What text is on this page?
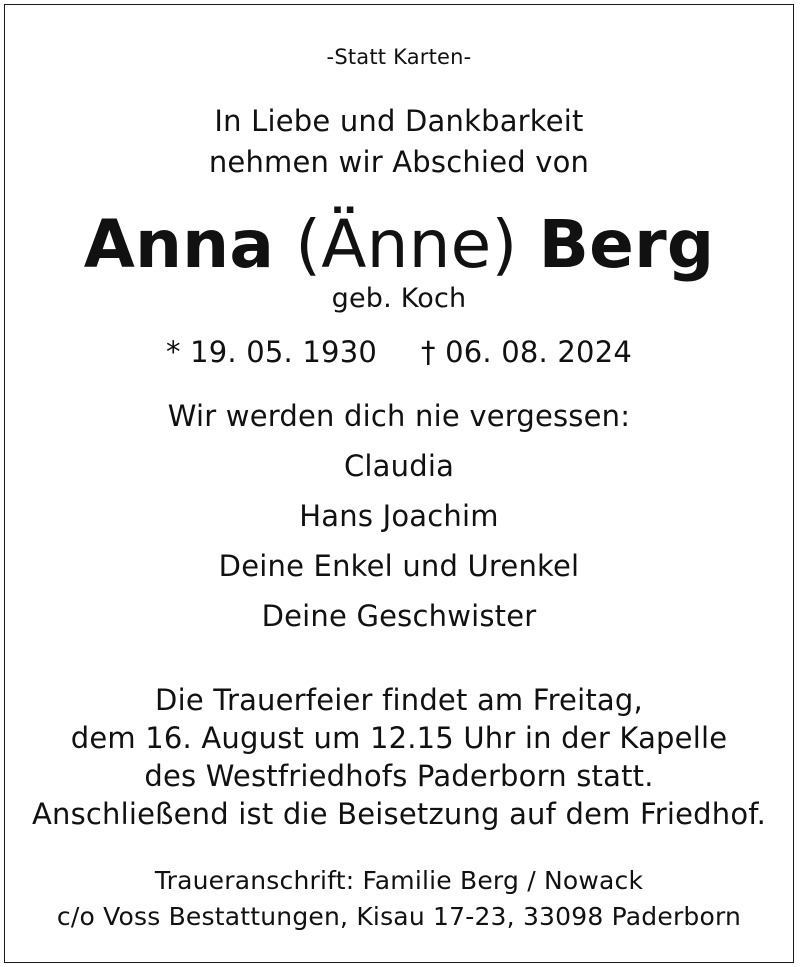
-Statt Karten-
In Liebe und Dankbarkeit
nehmen wir Abschied von
Anna (Änne) Berg
geb. Koch
* 19. 05. 1930 † 06. 08. 2024
Wir werden dich nie vergessen:
Claudia
Hans Joachim
Deine Enkel und Urenkel
Deine Geschwister
Die Trauerfeier findet am Freitag,
dem 16. August um 12.15 Uhr in der Kapelle
des Westfriedhofs Paderborn statt.
Anschließend ist die Beisetzung auf dem Friedhof.
Traueranschrift: Familie Berg / Nowack
c/o Voss Bestattungen, Kisau 17-23, 33098 Paderborn
